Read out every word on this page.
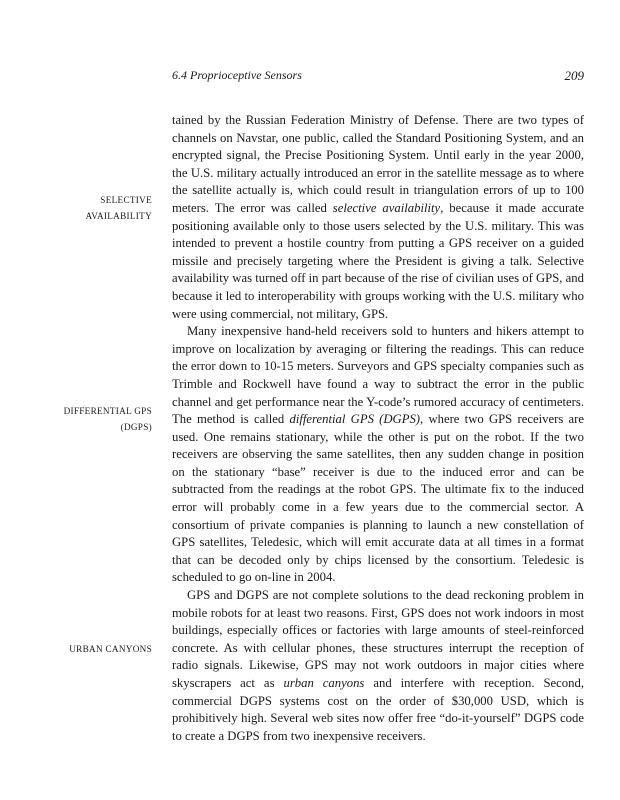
6.4 Proprioceptive Sensors	209
SELECTIVE
AVAILABILITY
DIFFERENTIAL GPS
(DGPS)
URBAN CANYONS

tained by the Russian Federation Ministry of Defense. There are two types of channels on Navstar, one public, called the Standard Positioning System, and an encrypted signal, the Precise Positioning System. Until early in the year 2000, the U.S. military actually introduced an error in the satellite message as to where the satellite actually is, which could result in triangulation errors of up to 100 meters. The error was called selective availability, because it made accurate positioning available only to those users selected by the U.S. military. This was intended to prevent a hostile country from putting a GPS receiver on a guided missile and precisely targeting where the President is giving a talk. Selective availability was turned off in part because of the rise of civilian uses of GPS, and because it led to interoperability with groups working with the U.S. military who were using commercial, not military, GPS.

Many inexpensive hand-held receivers sold to hunters and hikers attempt to improve on localization by averaging or filtering the readings. This can reduce the error down to 10-15 meters. Surveyors and GPS specialty companies such as Trimble and Rockwell have found a way to subtract the error in the public channel and get performance near the Y-code’s rumored accuracy of centimeters. The method is called differential GPS (DGPS), where two GPS receivers are used. One remains stationary, while the other is put on the robot. If the two receivers are observing the same satellites, then any sudden change in position on the stationary “base” receiver is due to the induced error and can be subtracted from the readings at the robot GPS. The ultimate fix to the induced error will probably come in a few years due to the commercial sector. A consortium of private companies is planning to launch a new constellation of GPS satellites, Teledesic, which will emit accurate data at all times in a format that can be decoded only by chips licensed by the consortium. Teledesic is scheduled to go on-line in 2004.

GPS and DGPS are not complete solutions to the dead reckoning problem in mobile robots for at least two reasons. First, GPS does not work indoors in most buildings, especially offices or factories with large amounts of steel-reinforced concrete. As with cellular phones, these structures interrupt the reception of radio signals. Likewise, GPS may not work outdoors in major cities where skyscrapers act as urban canyons and interfere with reception. Second, commercial DGPS systems cost on the order of $30,000 USD, which is prohibitively high. Several web sites now offer free “do-it-yourself” DGPS code to create a DGPS from two inexpensive receivers.
